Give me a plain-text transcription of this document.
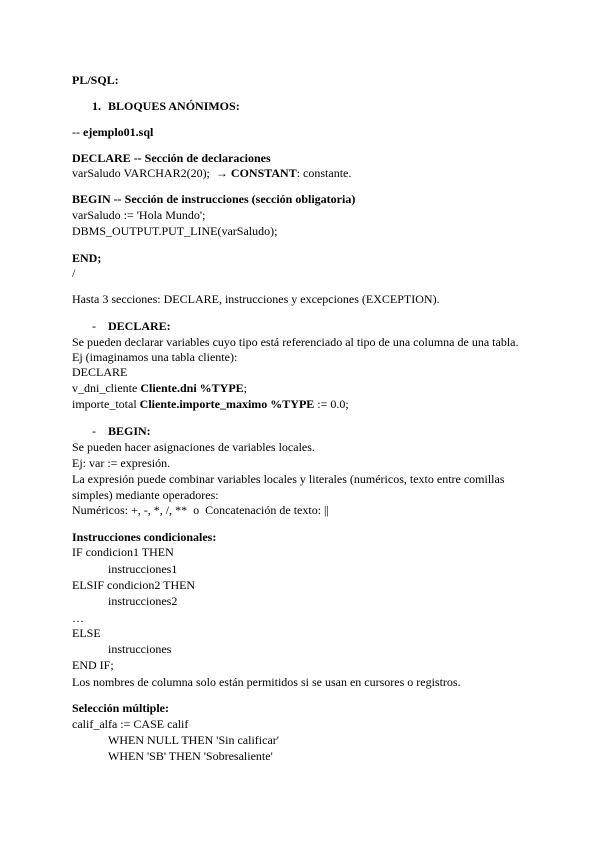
PL/SQL:
1. BLOQUES ANÓNIMOS:
-- ejemplo01.sql
DECLARE -- Sección de declaraciones
varSaludo VARCHAR2(20);  → CONSTANT: constante.
BEGIN -- Sección de instrucciones (sección obligatoria)
varSaludo := 'Hola Mundo';
DBMS_OUTPUT.PUT_LINE(varSaludo);
END;
/
Hasta 3 secciones: DECLARE, instrucciones y excepciones (EXCEPTION).
- DECLARE:
Se pueden declarar variables cuyo tipo está referenciado al tipo de una columna de una tabla.
Ej (imaginamos una tabla cliente):
DECLARE
v_dni_cliente Cliente.dni %TYPE;
importe_total Cliente.importe_maximo %TYPE := 0.0;
- BEGIN:
Se pueden hacer asignaciones de variables locales.
Ej: var := expresión.
La expresión puede combinar variables locales y literales (numéricos, texto entre comillas
simples) mediante operadores:
Numéricos: +, -, *, /, **  o  Concatenación de texto: ||
Instrucciones condicionales:
IF condicion1 THEN
instrucciones1
ELSIF condicion2 THEN
instrucciones2
…
ELSE
instrucciones
END IF;
Los nombres de columna solo están permitidos si se usan en cursores o registros.
Selección múltiple:
calif_alfa := CASE calif
WHEN NULL THEN 'Sin calificar'
WHEN 'SB' THEN 'Sobresaliente'
